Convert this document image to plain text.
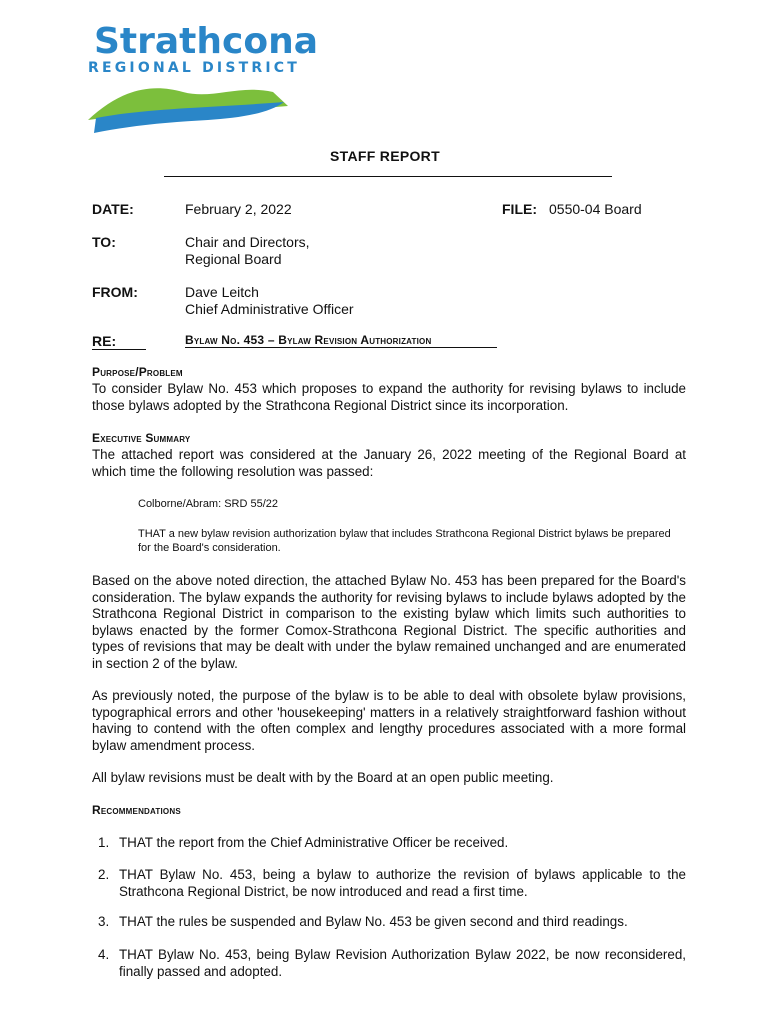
Strathcona
REGIONAL DISTRICT
STAFF REPORT
DATE:	February 2, 2022	FILE: 0550-04 Board
TO:	Chair and Directors,
Regional Board
FROM:	Dave Leitch
Chief Administrative Officer
RE:	Bylaw No. 453 – Bylaw Revision Authorization
Purpose/Problem

To consider Bylaw No. 453 which proposes to expand the authority for revising bylaws to include those bylaws adopted by the Strathcona Regional District since its incorporation.

Executive Summary

The attached report was considered at the January 26, 2022 meeting of the Regional Board at which time the following resolution was passed:

Colborne/Abram: SRD 55/22

THAT a new bylaw revision authorization bylaw that includes Strathcona Regional District bylaws be prepared for the Board's consideration.

Based on the above noted direction, the attached Bylaw No. 453 has been prepared for the Board's consideration. The bylaw expands the authority for revising bylaws to include bylaws adopted by the Strathcona Regional District in comparison to the existing bylaw which limits such authorities to bylaws enacted by the former Comox-Strathcona Regional District. The specific authorities and types of revisions that may be dealt with under the bylaw remained unchanged and are enumerated in section 2 of the bylaw.

As previously noted, the purpose of the bylaw is to be able to deal with obsolete bylaw provisions, typographical errors and other 'housekeeping' matters in a relatively straightforward fashion without having to contend with the often complex and lengthy procedures associated with a more formal bylaw amendment process.

All bylaw revisions must be dealt with by the Board at an open public meeting.

Recommendations
1. THAT the report from the Chief Administrative Officer be received.
2. THAT Bylaw No. 453, being a bylaw to authorize the revision of bylaws applicable to the Strathcona Regional District, be now introduced and read a first time.
3. THAT the rules be suspended and Bylaw No. 453 be given second and third readings.
4. THAT Bylaw No. 453, being Bylaw Revision Authorization Bylaw 2022, be now reconsidered, finally passed and adopted.
